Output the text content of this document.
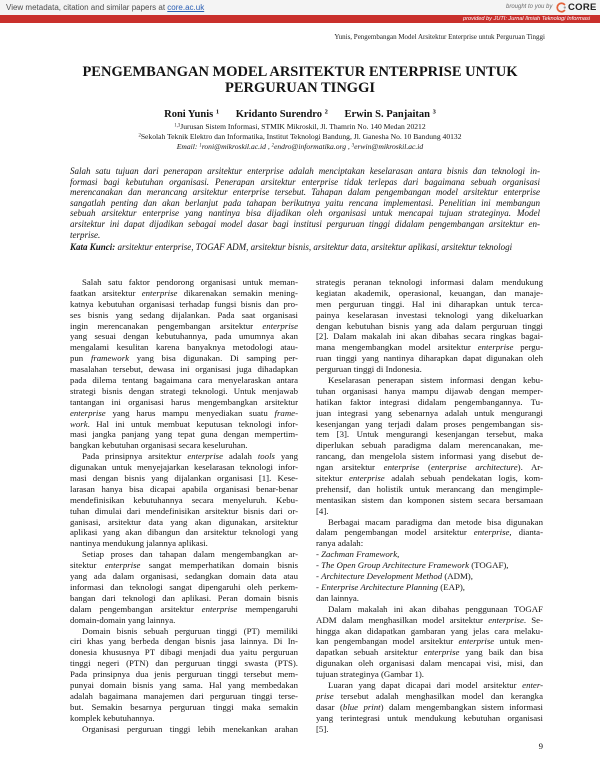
View metadata, citation and similar papers at core.ac.uk	brought to you by CORE
provided by JUTI: Jurnal Ilmiah Teknologi Informasi
Yunis, Pengembangan Model Arsitektur Enterprise untuk Perguruan Tinggi
PENGEMBANGAN MODEL ARSITEKTUR ENTERPRISE UNTUK
PERGURUAN TINGGI
Roni Yunis $^1$ Kridanto Surendro $^2$ Erwin S. Panjaitan $^3$
$^{1,3}$Jurusan Sistem Informasi, STMIK Mikroskil, Jl. Thamrin No. 140 Medan 20212
$^2$Sekolah Teknik Elektro dan Informatika, Institut Teknologi Bandung, Jl. Ganesha No. 10 Bandung 40132
Email: $^1$roni@mikroskil.ac.id , $^2$endro@informatika.org , $^3$erwin@mikroskil.ac.id
Salah satu tujuan dari penerapan arsitektur enterprise adalah menciptakan keselarasan antara bisnis dan teknologi in-
formasi bagi kebutuhan organisasi. Penerapan arsitektur enterprise tidak terlepas dari bagaimana sebuah organisasi
merencanakan dan merancang arsitektur enterprise tersebut. Tahapan dalam pengembangan model arsitektur enterprise
sangatlah penting dan akan berlanjut pada tahapan berikutnya yaitu rencana implementasi. Penelitian ini membangun
sebuah arsitektur enterprise yang nantinya bisa dijadikan oleh organisasi untuk mencapai tujuan strateginya. Model
arsitektur ini dapat dijadikan sebagai model dasar bagi institusi perguruan tinggi didalam pengembangan arsitektur en-
terprise.
Kata Kunci: arsitektur enterprise, TOGAF ADM, arsitektur bisnis, arsitektur data, arsitektur aplikasi, arsitektur teknologi
Salah satu faktor pendorong organisasi untuk meman-
faatkan arsitektur enterprise dikarenakan semakin mening-
katnya kebutuhan organisasi terhadap fungsi bisnis dan pro-
ses bisnis yang sedang dijalankan. Pada saat organisasi
ingin merencanakan pengembangan arsitektur enterprise
yang sesuai dengan kebutuhannya, pada umumnya akan
mengalami kesulitan karena banyaknya metodologi atau-
pun framework yang bisa digunakan. Di samping per-
masalahan tersebut, dewasa ini organisasi juga dihadapkan
pada dilema tentang bagaimana cara menyelaraskan antara
strategi bisnis dengan strategi teknologi. Untuk menjawab
tantangan ini organisasi harus mengembangkan arsitektur
enterprise yang harus mampu menyediakan suatu frame-
work. Hal ini untuk membuat keputusan teknologi infor-
masi jangka panjang yang tepat guna dengan mempertim-
bangkan kebutuhan organisasi secara keseluruhan.
Pada prinsipnya arsitektur enterprise adalah tools yang
digunakan untuk menyejajarkan keselarasan teknologi infor-
masi dengan bisnis yang dijalankan organisasi [1]. Kese-
larasan hanya bisa dicapai apabila organisasi benar-benar
mendefinisikan kebutuhannya secara menyeluruh. Kebu-
tuhan dimulai dari mendefinisikan arsitektur bisnis dari or-
ganisasi, arsitektur data yang akan digunakan, arsitektur
aplikasi yang akan dibangun dan arsitektur teknologi yang
nantinya mendukung jalannya aplikasi.
Setiap proses dan tahapan dalam mengembangkan ar-
sitektur enterprise sangat memperhatikan domain bisnis
yang ada dalam organisasi, sedangkan domain data atau
informasi dan teknologi sangat dipengaruhi oleh perkem-
bangan dari teknologi dan aplikasi. Peran domain bisnis
dalam pengembangan arsitektur enterprise mempengaruhi
domain-domain yang lainnya.
Domain bisnis sebuah perguruan tinggi (PT) memiliki
ciri khas yang berbeda dengan bisnis jasa lainnya. Di In-
donesia khususnya PT dibagi menjadi dua yaitu perguruan
tinggi negeri (PTN) dan perguruan tinggi swasta (PTS).
Pada prinsipnya dua jenis perguruan tinggi tersebut mem-
punyai domain bisnis yang sama. Hal yang membedakan
adalah bagaimana manajemen dari perguruan tinggi terse-
but. Semakin besarnya perguruan tinggi maka semakin
komplek kebutuhannya.
Organisasi perguruan tinggi lebih menekankan arahan
strategis peranan teknologi informasi dalam mendukung
kegiatan akademik, operasional, keuangan, dan manaje-
men perguruan tinggi. Hal ini diharapkan untuk terca-
painya keselarasan investasi teknologi yang dikeluarkan
dengan kebutuhan bisnis yang ada dalam perguruan tinggi
[2]. Dalam makalah ini akan dibahas secara ringkas bagai-
mana mengembangkan model arsitektur enterprise pergu-
ruan tinggi yang nantinya diharapkan dapat digunakan oleh
perguruan tinggi di Indonesia.
Keselarasan penerapan sistem informasi dengan kebu-
tuhan organisasi hanya mampu dijawab dengan memper-
hatikan faktor integrasi didalam pengembangannya. Tu-
juan integrasi yang sebenarnya adalah untuk mengurangi
kesenjangan yang terjadi dalam proses pengembangan sis-
tem [3]. Untuk mengurangi kesenjangan tersebut, maka
diperlukan sebuah paradigma dalam merencanakan, me-
rancang, dan mengelola sistem informasi yang disebut de-
ngan arsitektur enterprise (enterprise architecture). Ar-
sitektur enterprise adalah sebuah pendekatan logis, kom-
prehensif, dan holistik untuk merancang dan mengimple-
mentasikan sistem dan komponen sistem secara bersamaan
[4].
Berbagai macam paradigma dan metode bisa digunakan
dalam pengembangan model arsitektur enterprise, dianta-
ranya adalah:
- Zachman Framework,
- The Open Group Architecture Framework (TOGAF),
- Architecture Development Method (ADM),
- Enterprise Architecture Planning (EAP),
dan lainnya.
Dalam makalah ini akan dibahas penggunaan TOGAF
ADM dalam menghasilkan model arsitektur enterprise. Se-
hingga akan didapatkan gambaran yang jelas cara melaku-
kan pengembangan model arsitektur enterprise untuk men-
dapatkan sebuah arsitektur enterprise yang baik dan bisa
digunakan oleh organisasi dalam mencapai visi, misi, dan
tujuan strateginya (Gambar 1).
Luaran yang dapat dicapai dari model arsitektur enter-
prise tersebut adalah menghasilkan model dan kerangka
dasar (blue print) dalam mengembangkan sistem informasi
yang terintegrasi untuk mendukung kebutuhan organisasi
[5].
9
